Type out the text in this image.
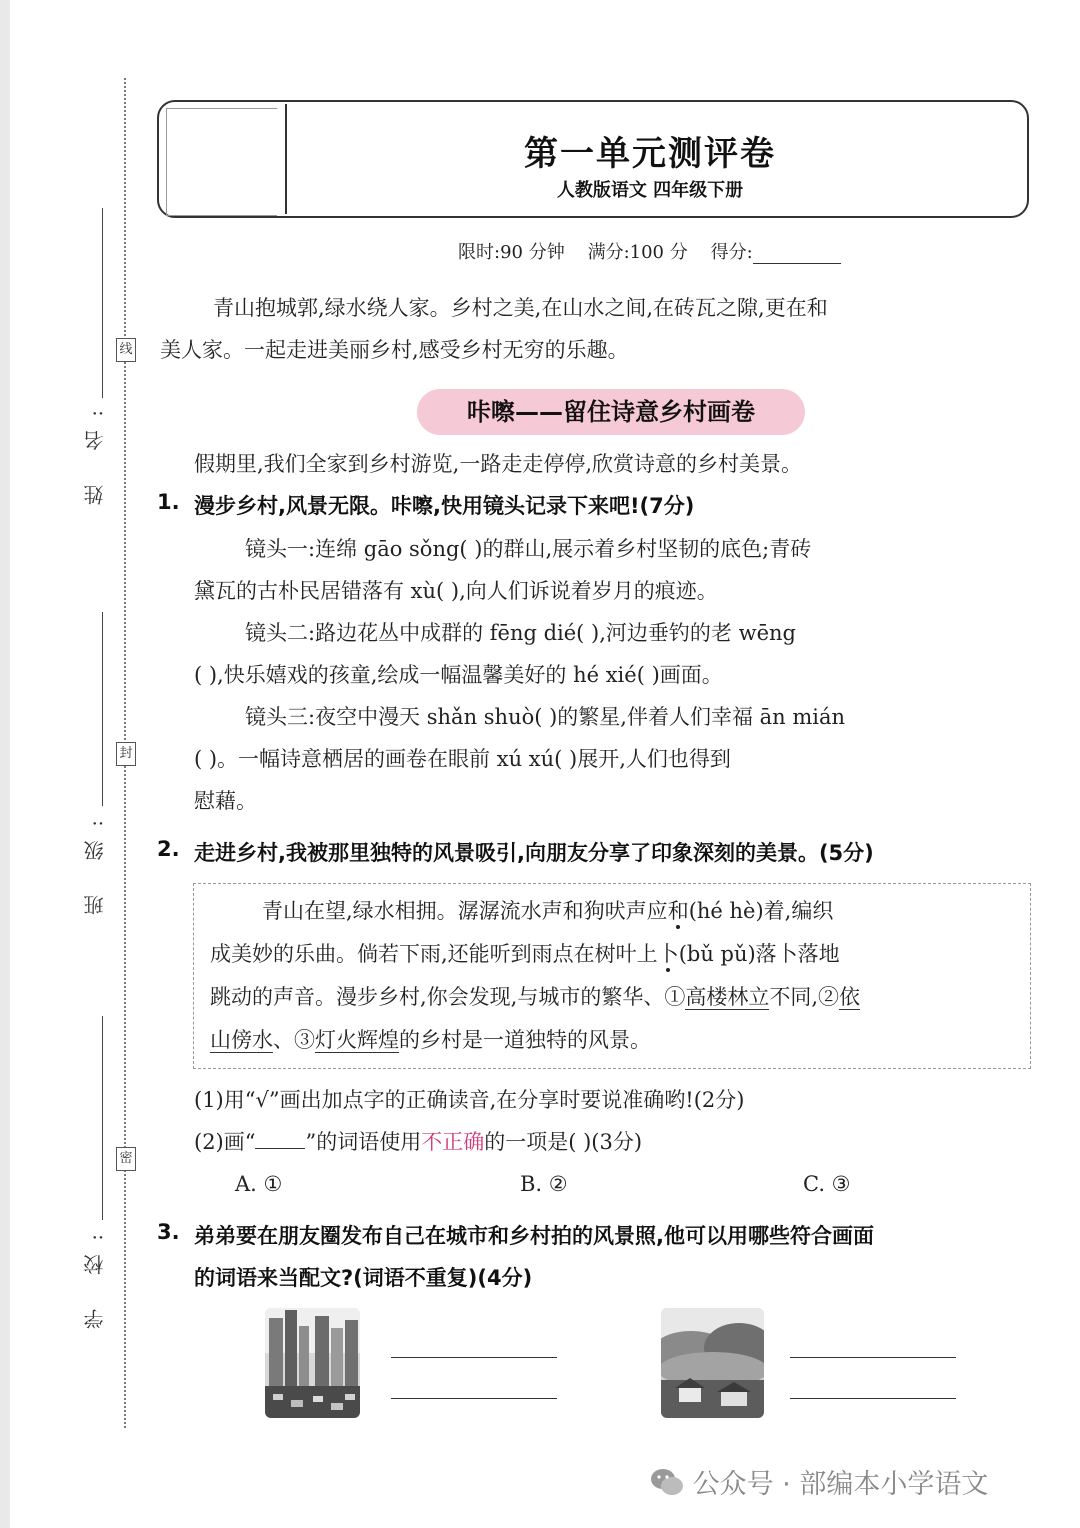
线
封
密
姓 名:
班 级:
学 校:
第一单元测评卷
人教版语文 四年级下册
限时:90 分钟 满分:100 分 得分:
青山抱城郭,绿水绕人家。乡村之美,在山水之间,在砖瓦之隙,更在和
美人家。一起走进美丽乡村,感受乡村无穷的乐趣。
咔嚓——留住诗意乡村画卷
假期里,我们全家到乡村游览,一路走走停停,欣赏诗意的乡村美景。
1. 漫步乡村,风景无限。咔嚓,快用镜头记录下来吧!(7分)
镜头一:连绵 gāo sǒng( )的群山,展示着乡村坚韧的底色;青砖
黛瓦的古朴民居错落有 xù( ),向人们诉说着岁月的痕迹。
镜头二:路边花丛中成群的 fēng dié( ),河边垂钓的老 wēng
( ),快乐嬉戏的孩童,绘成一幅温馨美好的 hé xié( )画面。
镜头三:夜空中漫天 shǎn shuò( )的繁星,伴着人们幸福 ān mián
( )。一幅诗意栖居的画卷在眼前 xú xú( )展开,人们也得到
慰藉。
2. 走进乡村,我被那里独特的风景吸引,向朋友分享了印象深刻的美景。(5分)
青山在望,绿水相拥。潺潺流水声和狗吠声应和(hé hè)着,编织
成美妙的乐曲。倘若下雨,还能听到雨点在树叶上卜(bǔ pǔ)落卜落地
跳动的声音。漫步乡村,你会发现,与城市的繁华、①高楼林立不同,②依
山傍水、③灯火辉煌的乡村是一道独特的风景。
(1)用“√”画出加点字的正确读音,在分享时要说准确哟!(2分)
(2)画“ ”的词语使用不正确的一项是( )(3分)
A. ①	B. ②	C. ③
3. 弟弟要在朋友圈发布自己在城市和乡村拍的风景照,他可以用哪些符合画面
的词语来当配文?(词语不重复)(4分)
公众号 · 部编本小学语文
